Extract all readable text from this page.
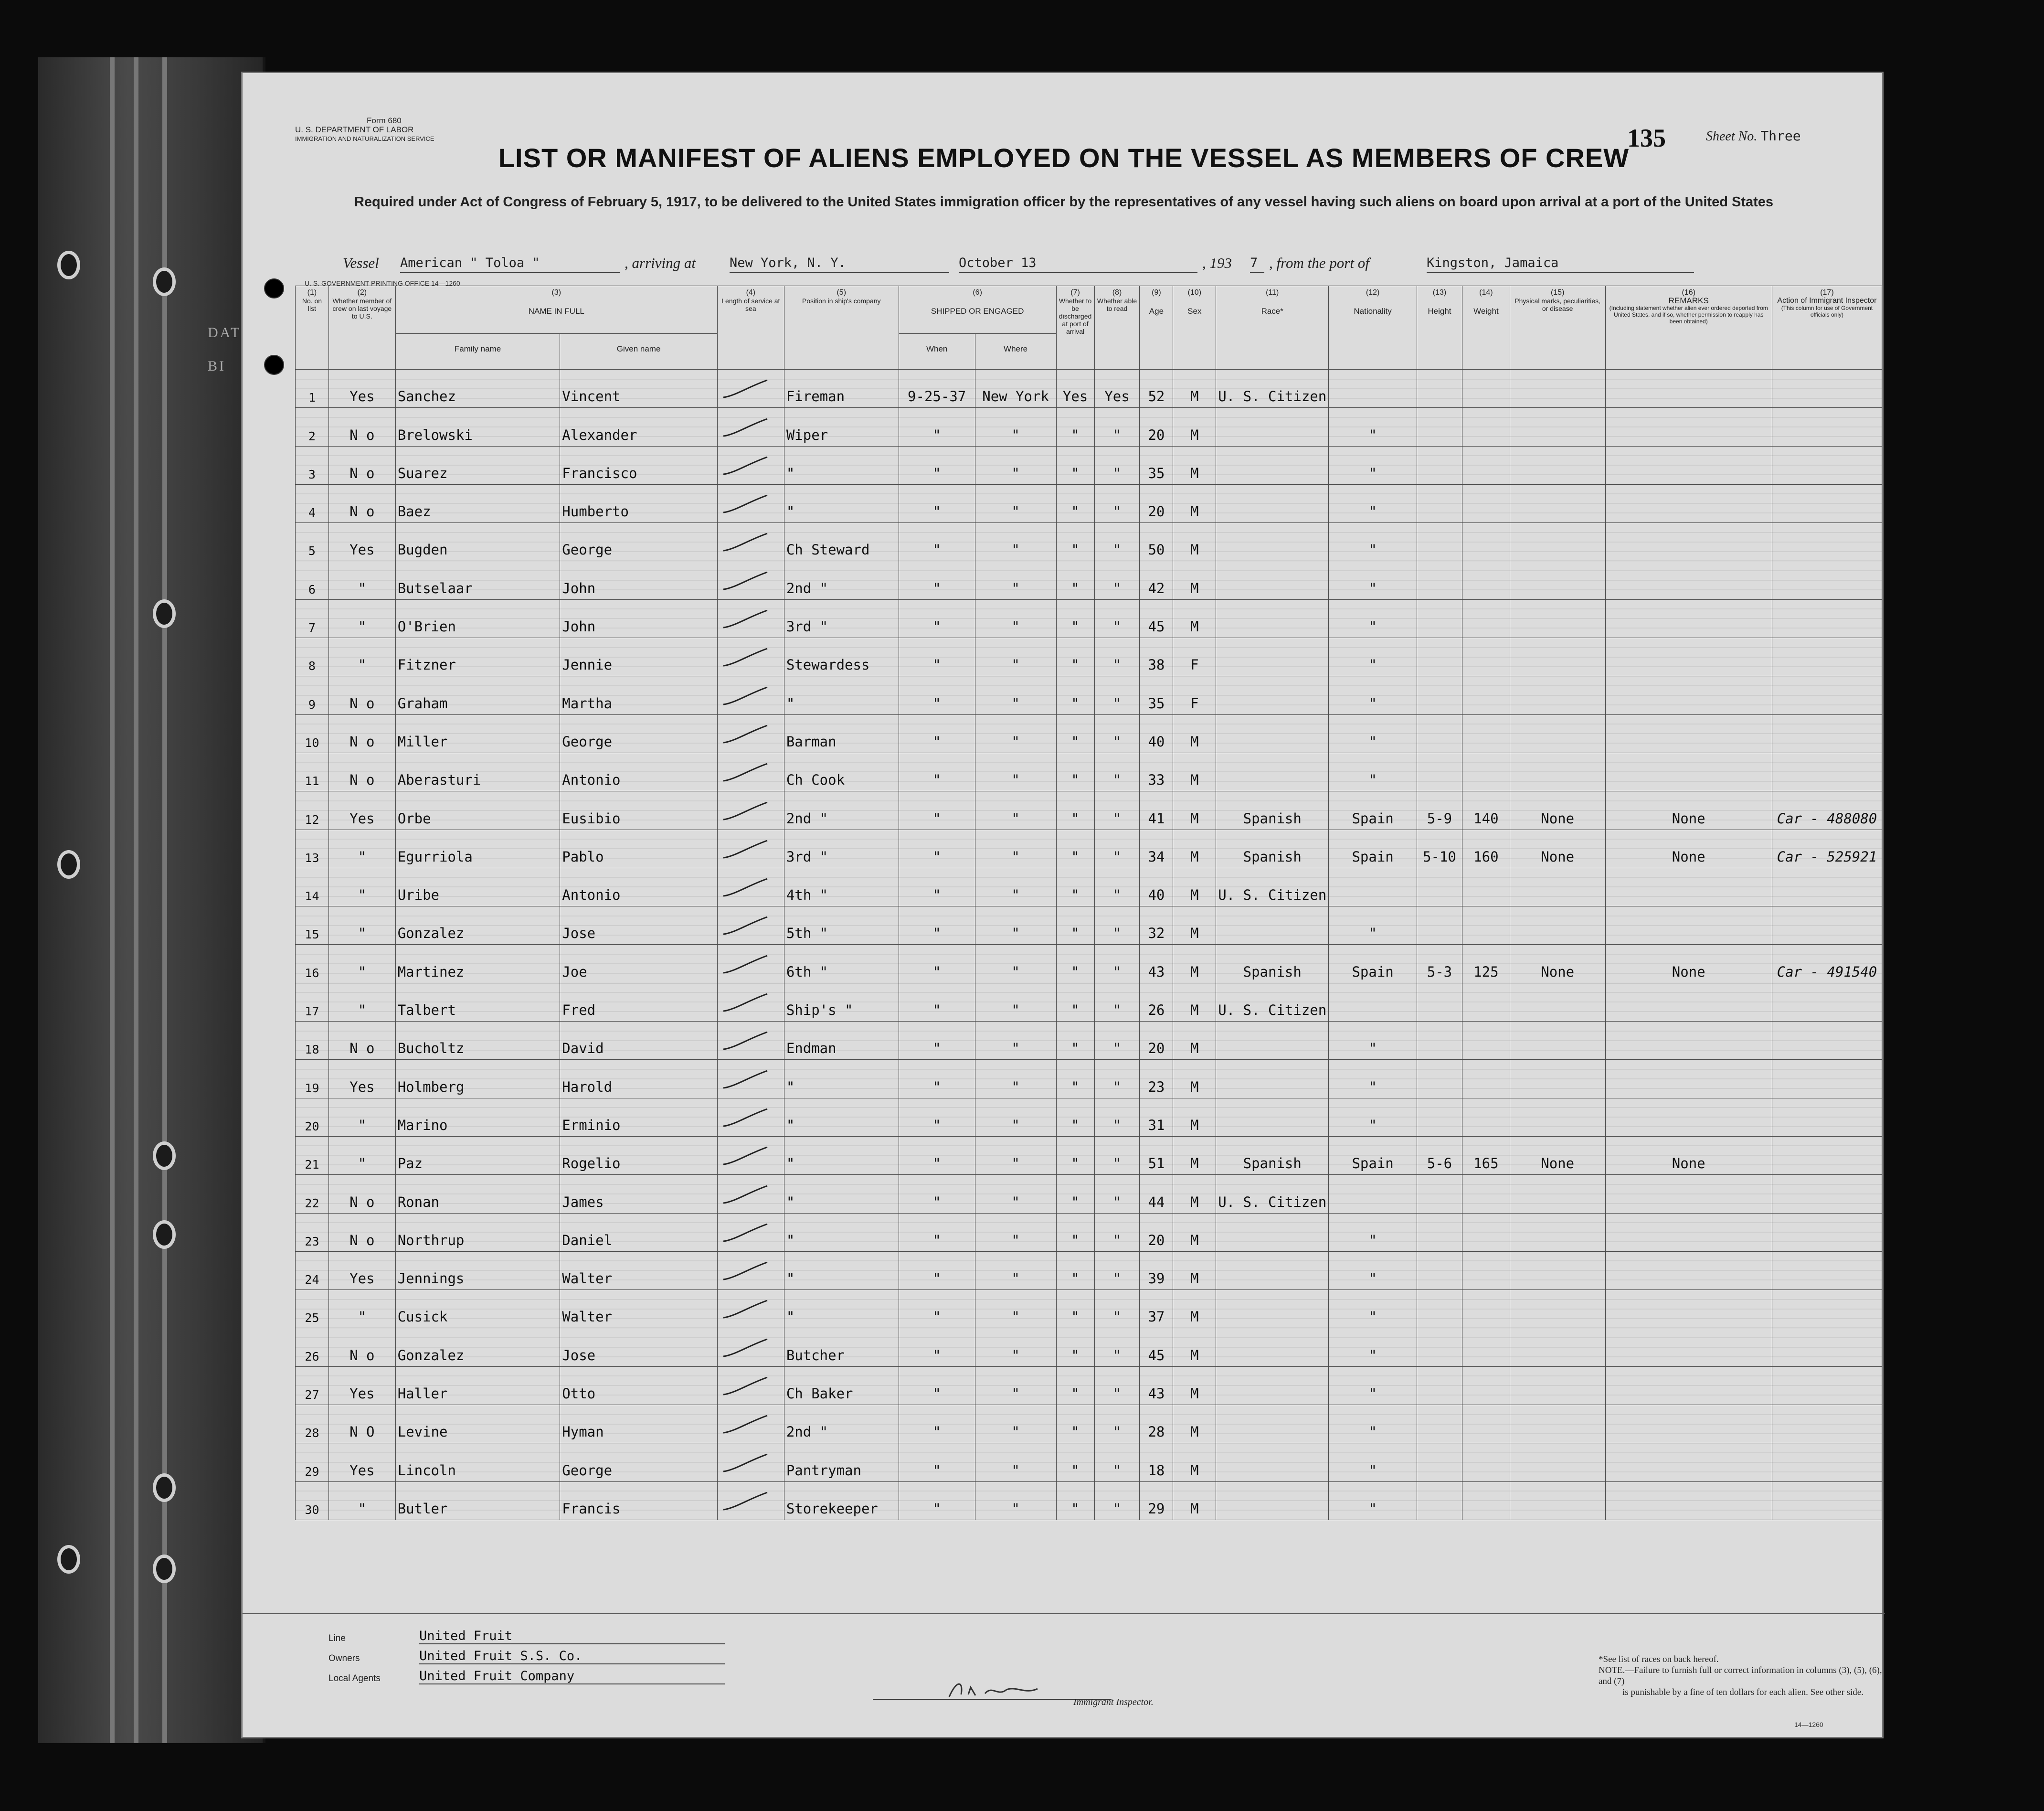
DAT
BI
Form 680
U. S. DEPARTMENT OF LABOR
IMMIGRATION AND NATURALIZATION SERVICE	135	Sheet No. Three
LIST OR MANIFEST OF ALIENS EMPLOYED ON THE VESSEL AS MEMBERS OF CREW
Required under Act of Congress of February 5, 1917, to be delivered to the United States immigration officer by the representatives of any vessel having such aliens on board upon arrival at a port of the United States
Vessel American " Toloa "	, arriving at	New York, N. Y.	October 13	, 193 7 , from the port of	Kingston, Jamaica
U. S. GOVERNMENT PRINTING OFFICE 14—1260
(1)
No. on list	(2)
Whether member of crew on last voyage to U.S.	(3)
NAME IN FULL		(4)
Length of service at sea	(5)
Position in ship's company	(6)
SHIPPED OR ENGAGED		(7)
Whether to be discharged at port of arrival	(8)
Whether able to read	(9)
Age	(10)
Sex	(11)
Race*	(12)
Nationality	(13)
Height	(14)
Weight	(15)
Physical marks, peculiarities, or disease	(16)
REMARKS
(Including statement whether alien ever ordered deported from United States, and if so, whether permission to reapply has been obtained)	(17)
Action of Immigrant Inspector
(This column for use of Government officials only)

		Family name	Given name			When	Where											

1	Yes	Sanchez	Vincent		Fireman	9-25-37	New York	Yes	Yes	52	M	U. S. Citizen						
2	N o	Brelowski	Alexander		Wiper	"	"	"	"	20	M		"					
3	N o	Suarez	Francisco		"	"	"	"	"	35	M		"					
4	N o	Baez	Humberto		"	"	"	"	"	20	M		"					
5	Yes	Bugden	George		Ch Steward	"	"	"	"	50	M		"					
6	"	Butselaar	John		2nd "	"	"	"	"	42	M		"					
7	"	O'Brien	John		3rd "	"	"	"	"	45	M		"					
8	"	Fitzner	Jennie		Stewardess	"	"	"	"	38	F		"					
9	N o	Graham	Martha		"	"	"	"	"	35	F		"					
10	N o	Miller	George		Barman	"	"	"	"	40	M		"					
11	N o	Aberasturi	Antonio		Ch Cook	"	"	"	"	33	M		"					
12	Yes	Orbe	Eusibio		2nd "	"	"	"	"	41	M	Spanish	Spain	5-9	140	None	None	Car - 488080
13	"	Egurriola	Pablo		3rd "	"	"	"	"	34	M	Spanish	Spain	5-10	160	None	None	Car - 525921
14	"	Uribe	Antonio		4th "	"	"	"	"	40	M	U. S. Citizen						
15	"	Gonzalez	Jose		5th "	"	"	"	"	32	M		"					
16	"	Martinez	Joe		6th "	"	"	"	"	43	M	Spanish	Spain	5-3	125	None	None	Car - 491540
17	"	Talbert	Fred		Ship's "	"	"	"	"	26	M	U. S. Citizen						
18	N o	Bucholtz	David		Endman	"	"	"	"	20	M		"					
19	Yes	Holmberg	Harold		"	"	"	"	"	23	M		"					
20	"	Marino	Erminio		"	"	"	"	"	31	M		"					
21	"	Paz	Rogelio		"	"	"	"	"	51	M	Spanish	Spain	5-6	165	None	None	
22	N o	Ronan	James		"	"	"	"	"	44	M	U. S. Citizen						
23	N o	Northrup	Daniel		"	"	"	"	"	20	M		"					
24	Yes	Jennings	Walter		"	"	"	"	"	39	M		"					
25	"	Cusick	Walter		"	"	"	"	"	37	M		"					
26	N o	Gonzalez	Jose		Butcher	"	"	"	"	45	M		"					
27	Yes	Haller	Otto		Ch Baker	"	"	"	"	43	M		"					
28	N O	Levine	Hyman		2nd "	"	"	"	"	28	M		"					
29	Yes	Lincoln	George		Pantryman	"	"	"	"	18	M		"					
30	"	Butler	Francis		Storekeeper	"	"	"	"	29	M		"					
Line	United Fruit
Owners	United Fruit S.S. Co.
Local Agents	United Fruit Company
Immigrant Inspector.
*See list of races on back hereof.
NOTE.—Failure to furnish full or correct information in columns (3), (5), (6), and (7)
is punishable by a fine of ten dollars for each alien. See other side.
14—1260
